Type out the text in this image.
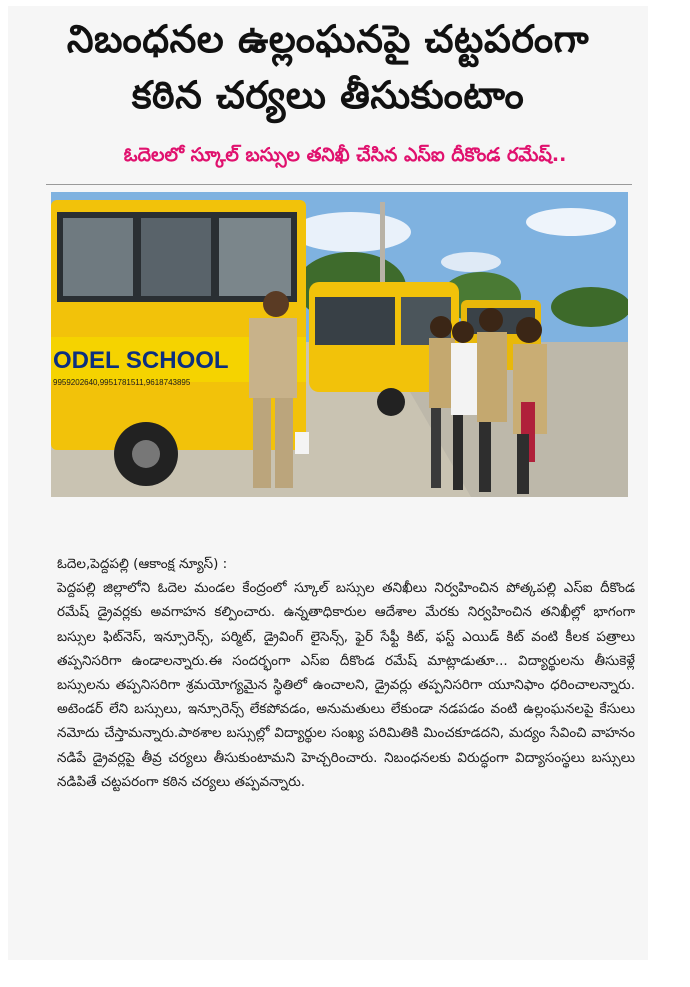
నిబంధనల ఉల్లంఘనపై చట్టపరంగా
కఠిన చర్యలు తీసుకుంటాం
ఓదెలలో స్కూల్ బస్సుల తనిఖీ చేసిన ఎస్ఐ దీకొండ రమేష్..
ODEL SCHOOL
9959202640,9951781511,9618743895
ఓదెల,పెద్దపల్లి (ఆకాంక్ష న్యూస్) :
పెద్దపల్లి జిల్లాలోని ఓదెల మండల కేంద్రంలో స్కూల్ బస్సుల తనిఖీలు నిర్వహించిన పోత్కపల్లి ఎస్ఐ దీకొండ రమేష్ డ్రైవర్లకు అవగాహన కల్పించారు. ఉన్నతాధికారుల ఆదేశాల మేరకు నిర్వహించిన తనిఖీల్లో భాగంగా బస్సుల ఫిట్‌నెస్, ఇన్సూరెన్స్, పర్మిట్, డ్రైవింగ్ లైసెన్స్, ఫైర్ సేఫ్టీ కిట్, ఫస్ట్ ఎయిడ్ కిట్ వంటి కీలక పత్రాలు తప్పనిసరిగా ఉండాలన్నారు.ఈ సందర్భంగా ఎస్ఐ దీకొండ రమేష్ మాట్లాడుతూ... విద్యార్థులను తీసుకెళ్లే బస్సులను తప్పనిసరిగా శ్రమయోగ్యమైన స్థితిలో ఉంచాలని, డ్రైవర్లు తప్పనిసరిగా యూనిఫాం ధరించాలన్నారు. అటెండర్ లేని బస్సులు, ఇన్సూరెన్స్ లేకపోవడం, అనుమతులు లేకుండా నడపడం వంటి ఉల్లంఘనలపై కేసులు నమోదు చేస్తామన్నారు.పాఠశాల బస్సుల్లో విద్యార్థుల సంఖ్య పరిమితికి మించకూడదని, మద్యం సేవించి వాహనం నడిపే డ్రైవర్లపై తీవ్ర చర్యలు తీసుకుంటామని హెచ్చరించారు. నిబంధనలకు విరుద్ధంగా విద్యాసంస్థలు బస్సులు నడిపితే చట్టపరంగా కఠిన చర్యలు తప్పవన్నారు.
